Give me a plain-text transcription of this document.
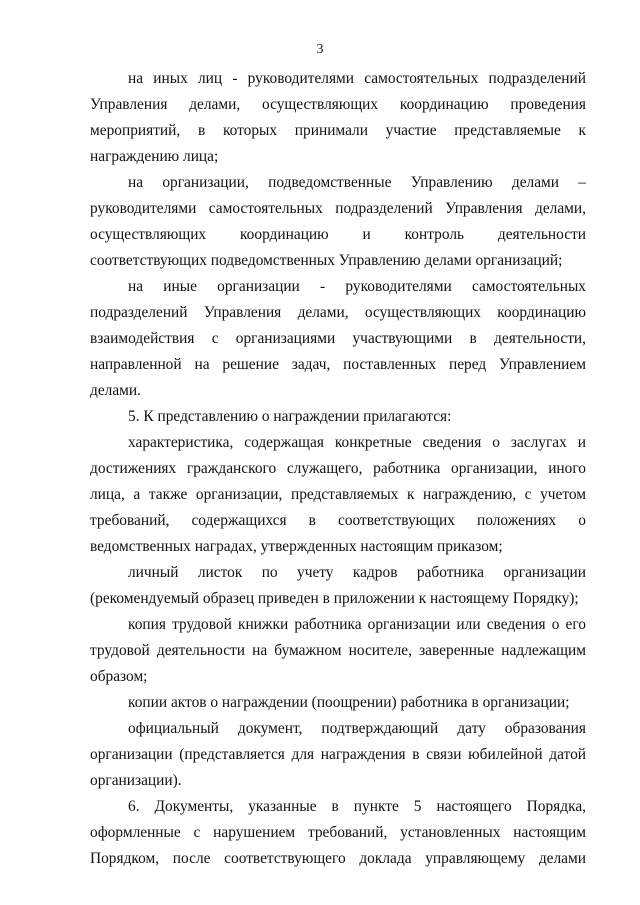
3

на иных лиц - руководителями самостоятельных подразделений Управления делами, осуществляющих координацию проведения мероприятий, в которых принимали участие представляемые к награждению лица;

на организации, подведомственные Управлению делами – руководителями самостоятельных подразделений Управления делами, осуществляющих координацию и контроль деятельности соответствующих подведомственных Управлению делами организаций;

на иные организации - руководителями самостоятельных подразделений Управления делами, осуществляющих координацию взаимодействия с организациями участвующими в деятельности, направленной на решение задач, поставленных перед Управлением делами.

5. К представлению о награждении прилагаются:

характеристика, содержащая конкретные сведения о заслугах и достижениях гражданского служащего, работника организации, иного лица, а также организации, представляемых к награждению, с учетом требований, содержащихся в соответствующих положениях о ведомственных наградах, утвержденных настоящим приказом;

личный листок по учету кадров работника организации (рекомендуемый образец приведен в приложении к настоящему Порядку);

копия трудовой книжки работника организации или сведения о его трудовой деятельности на бумажном носителе, заверенные надлежащим образом;

копии актов о награждении (поощрении) работника в организации;

официальный документ, подтверждающий дату образования организации (представляется для награждения в связи юбилейной датой организации).

6. Документы, указанные в пункте 5 настоящего Порядка, оформленные с нарушением требований, установленных настоящим Порядком, после соответствующего доклада управляющему делами
